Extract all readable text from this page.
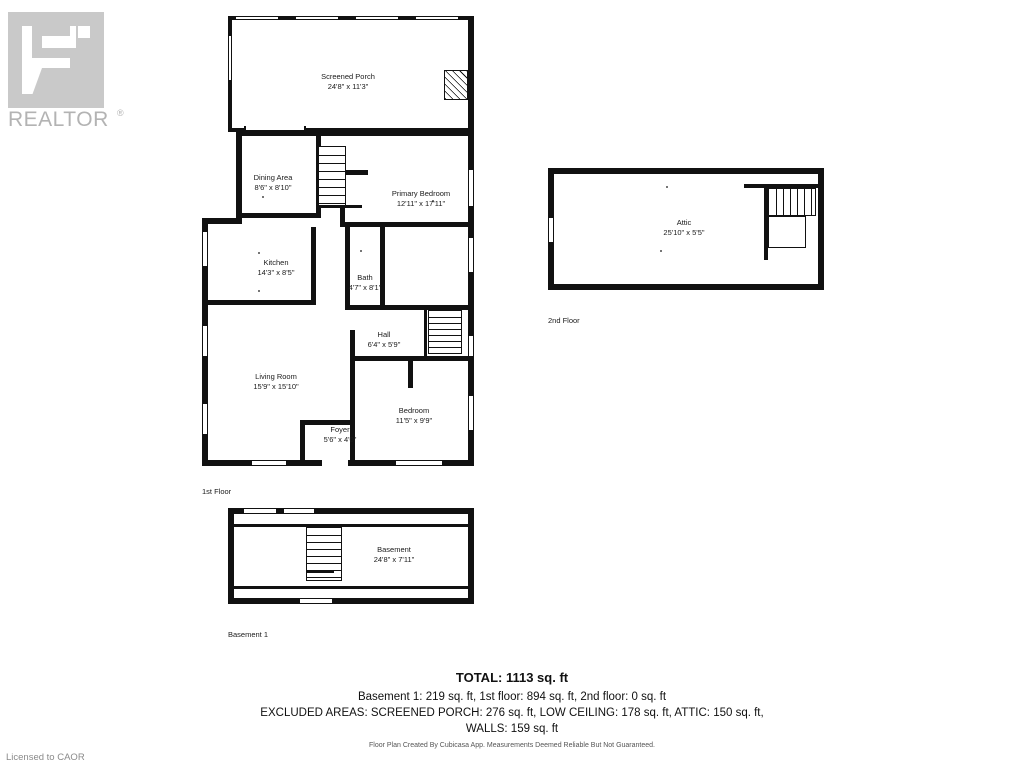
REALTOR ®
Screened Porch
24'8" x 11'3"
Dining Area
8'6" x 8'10"
Primary Bedroom
12'11" x 17'11"
Kitchen
14'3" x 8'5"
Bath
4'7" x 8'1"
Hall
6'4" x 5'9"
Living Room
15'9" x 15'10"
Bedroom
11'5" x 9'9"
Foyer
5'6" x 4'0"
1st Floor
Attic
25'10" x 5'5"
2nd Floor
Basement
24'8" x 7'11"
Basement 1
TOTAL: 1113 sq. ft
Basement 1: 219 sq. ft, 1st floor: 894 sq. ft, 2nd floor: 0 sq. ft
EXCLUDED AREAS: SCREENED PORCH: 276 sq. ft, LOW CEILING: 178 sq. ft, ATTIC: 150 sq. ft,
WALLS: 159 sq. ft
Floor Plan Created By Cubicasa App. Measurements Deemed Reliable But Not Guaranteed.
Licensed to CAOR
